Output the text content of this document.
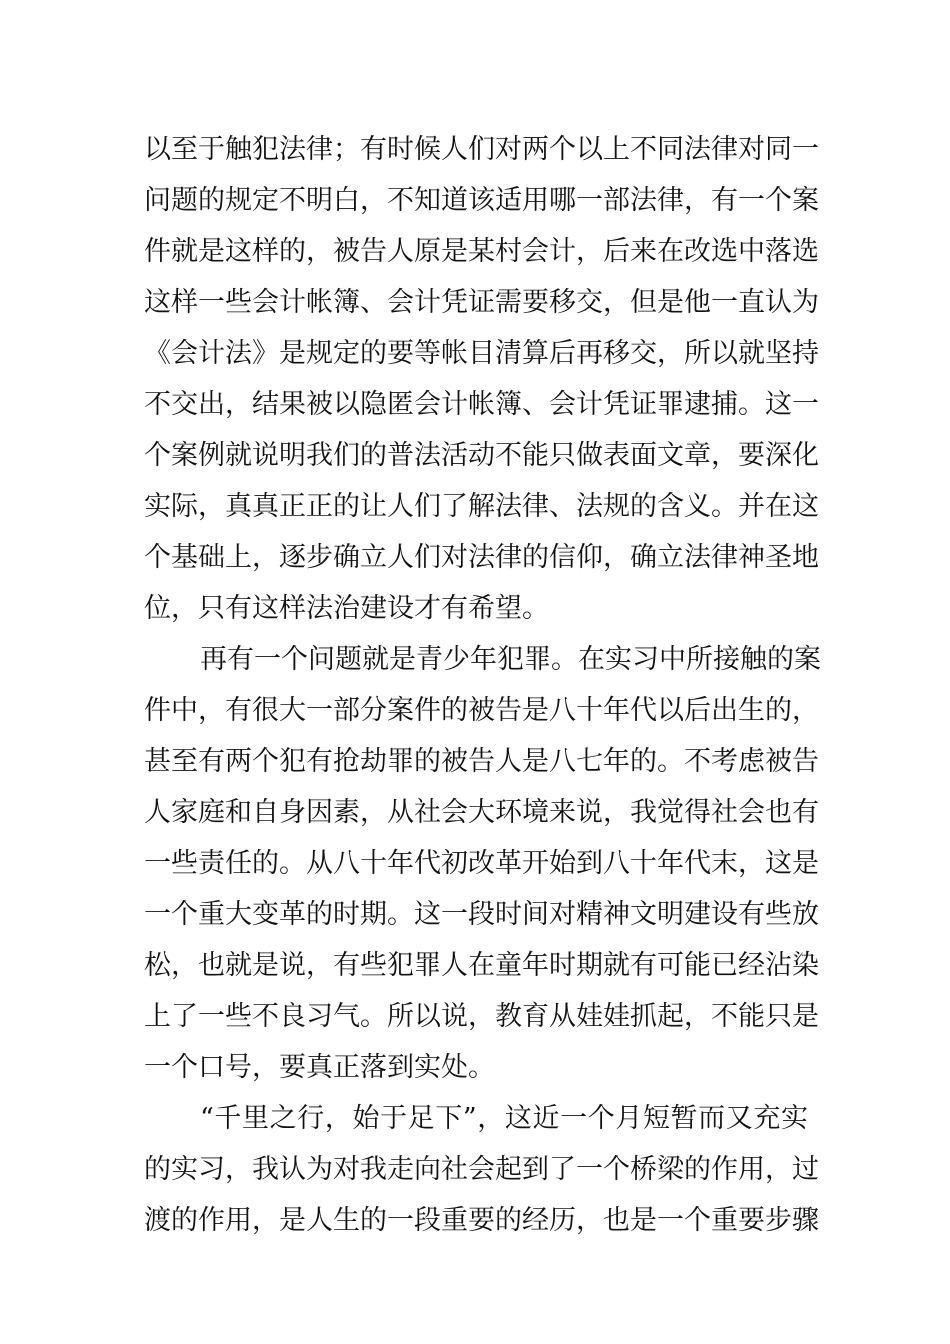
以至于触犯法律；有时候人们对两个以上不同法律对同一
问题的规定不明白，不知道该适用哪一部法律，有一个案
件就是这样的，被告人原是某村会计，后来在改选中落选
这样一些会计帐簿、会计凭证需要移交，但是他一直认为
《会计法》是规定的要等帐目清算后再移交，所以就坚持
不交出，结果被以隐匿会计帐簿、会计凭证罪逮捕。这一
个案例就说明我们的普法活动不能只做表面文章，要深化
实际，真真正正的让人们了解法律、法规的含义。并在这
个基础上，逐步确立人们对法律的信仰，确立法律神圣地
位，只有这样法治建设才有希望。
再有一个问题就是青少年犯罪。在实习中所接触的案
件中，有很大一部分案件的被告是八十年代以后出生的，
甚至有两个犯有抢劫罪的被告人是八七年的。不考虑被告
人家庭和自身因素，从社会大环境来说，我觉得社会也有
一些责任的。从八十年代初改革开始到八十年代末，这是
一个重大变革的时期。这一段时间对精神文明建设有些放
松，也就是说，有些犯罪人在童年时期就有可能已经沾染
上了一些不良习气。所以说，教育从娃娃抓起，不能只是
一个口号，要真正落到实处。
“千里之行，始于足下”，这近一个月短暂而又充实
的实习，我认为对我走向社会起到了一个桥梁的作用，过
渡的作用，是人生的一段重要的经历，也是一个重要步骤
